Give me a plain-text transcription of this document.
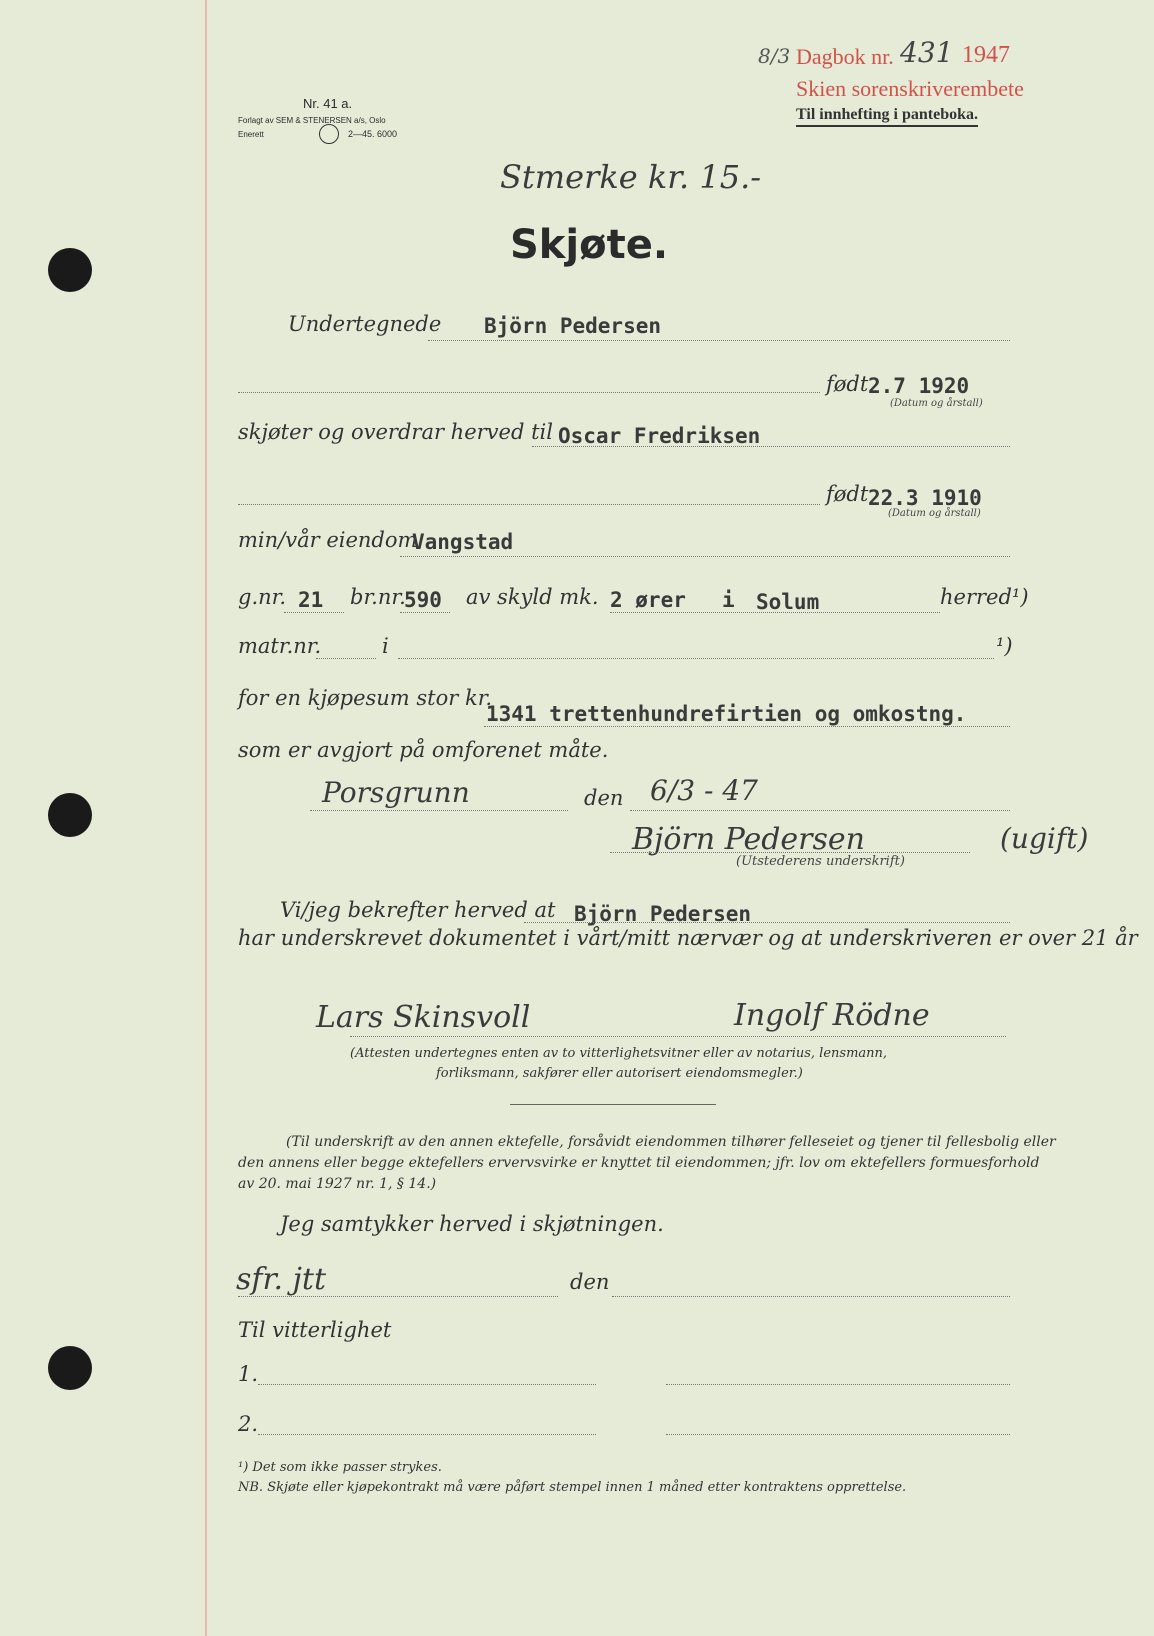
Nr. 41 a.
Forlagt av SEM & STENERSEN a/s, Oslo
Enerett	2—45. 6000
8/3 Dagbok nr. 431 1947
Skien sorenskriverembete
Til innhefting i panteboka.
Stmerke kr. 15.-
Skjøte.
Undertegnede Björn Pedersen
født 2.7 1920
(Datum og årstall)
skjøter og overdrar herved til Oscar Fredriksen
født 22.3 1910
(Datum og årstall)
min/vår eiendom
Vangstad
g.nr. 21 br.nr.
590 av skyld mk. 2 ører i Solum	herred¹)
matr.nr.	i	¹)
for en kjøpesum stor kr.
1341 trettenhundrefirtien og omkostng.
som er avgjort på omforenet måte.
Porsgrunn	den 6/3 - 47
Björn Pedersen	(ugift)
(Utstederens underskrift)
Vi/jeg bekrefter herved at Björn Pedersen
har underskrevet dokumentet i vårt/mitt nærvær og at underskriveren er over 21 år
Lars Skinsvoll	Ingolf Rödne
(Attesten undertegnes enten av to vitterlighetsvitner eller av notarius, lensmann,
forliksmann, sakfører eller autorisert eiendomsmegler.)
(Til underskrift av den annen ektefelle, forsåvidt eiendommen tilhører felleseiet og tjener til fellesbolig eller
den annens eller begge ektefellers ervervsvirke er knyttet til eiendommen; jfr. lov om ektefellers formuesforhold
av 20. mai 1927 nr. 1, § 14.)
Jeg samtykker herved i skjøtningen.
sfr. jtt	den
Til vitterlighet
1.
2.
¹) Det som ikke passer strykes.
NB. Skjøte eller kjøpekontrakt må være påført stempel innen 1 måned etter kontraktens opprettelse.
